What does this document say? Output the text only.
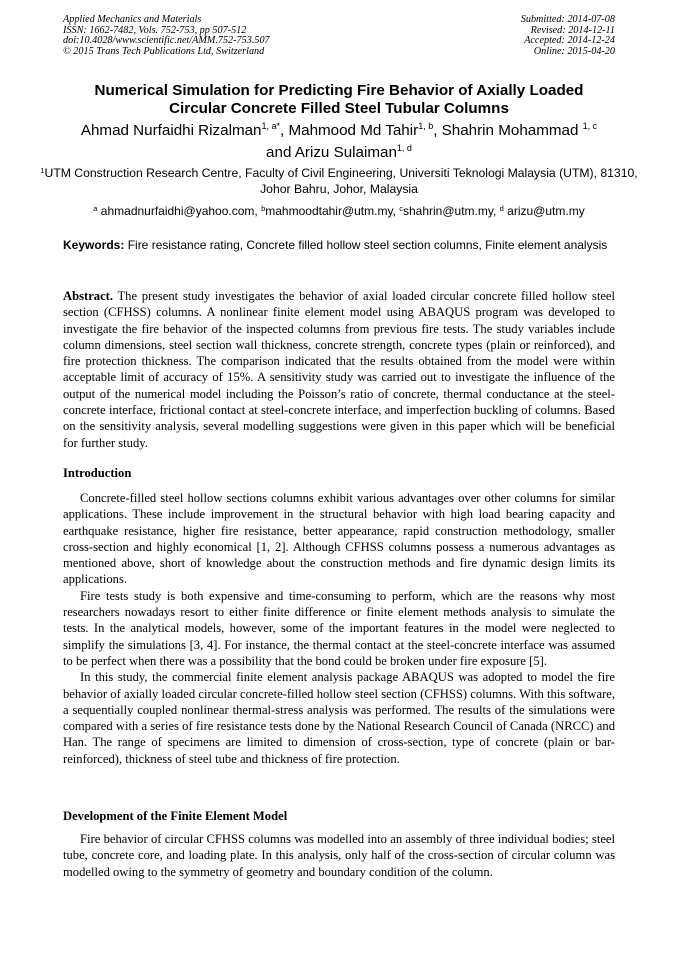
Applied Mechanics and Materials
ISSN: 1662-7482, Vols. 752-753, pp 507-512
doi:10.4028/www.scientific.net/AMM.752-753.507
© 2015 Trans Tech Publications Ltd, Switzerland
Submitted: 2014-07-08
Revised: 2014-12-11
Accepted: 2014-12-24
Online: 2015-04-20
Numerical Simulation for Predicting Fire Behavior of Axially Loaded
Circular Concrete Filled Steel Tubular Columns
Ahmad Nurfaidhi Rizalman$^{1, a*}$, Mahmood Md Tahir$^{1, b}$, Shahrin Mohammad $^{1, c}$
and Arizu Sulaiman$^{1, d}$
$^1$UTM Construction Research Centre, Faculty of Civil Engineering, Universiti Teknologi Malaysia (UTM), 81310, Johor Bahru, Johor, Malaysia
$^a$ ahmadnurfaidhi@yahoo.com, $^b$mahmoodtahir@utm.my, $^c$shahrin@utm.my, $^d$ arizu@utm.my
Keywords: Fire resistance rating, Concrete filled hollow steel section columns, Finite element analysis
Abstract. The present study investigates the behavior of axial loaded circular concrete filled hollow steel section (CFHSS) columns. A nonlinear finite element model using ABAQUS program was developed to investigate the fire behavior of the inspected columns from previous fire tests. The study variables include column dimensions, steel section wall thickness, concrete strength, concrete types (plain or reinforced), and fire protection thickness. The comparison indicated that the results obtained from the model were within acceptable limit of accuracy of 15%. A sensitivity study was carried out to investigate the influence of the output of the numerical model including the Poisson’s ratio of concrete, thermal conductance at the steel-concrete interface, frictional contact at steel-concrete interface, and imperfection buckling of columns. Based on the sensitivity analysis, several modelling suggestions were given in this paper which will be beneficial for further study.
Introduction

Concrete-filled steel hollow sections columns exhibit various advantages over other columns for similar applications. These include improvement in the structural behavior with high load bearing capacity and earthquake resistance, higher fire resistance, better appearance, rapid construction methodology, smaller cross-section and highly economical [1, 2]. Although CFHSS columns possess a numerous advantages as mentioned above, short of knowledge about the construction methods and fire dynamic design limits its applications.

Fire tests study is both expensive and time-consuming to perform, which are the reasons why most researchers nowadays resort to either finite difference or finite element methods analysis to simulate the tests. In the analytical models, however, some of the important features in the model were neglected to simplify the simulations [3, 4]. For instance, the thermal contact at the steel-concrete interface was assumed to be perfect when there was a possibility that the bond could be broken under fire exposure [5].

In this study, the commercial finite element analysis package ABAQUS was adopted to model the fire behavior of axially loaded circular concrete-filled hollow steel section (CFHSS) columns. With this software, a sequentially coupled nonlinear thermal-stress analysis was performed. The results of the simulations were compared with a series of fire resistance tests done by the National Research Council of Canada (NRCC) and Han. The range of specimens are limited to dimension of cross-section, type of concrete (plain or bar-reinforced), thickness of steel tube and thickness of fire protection.

Development of the Finite Element Model

Fire behavior of circular CFHSS columns was modelled into an assembly of three individual bodies; steel tube, concrete core, and loading plate. In this analysis, only half of the cross-section of circular column was modelled owing to the symmetry of geometry and boundary condition of the column.
